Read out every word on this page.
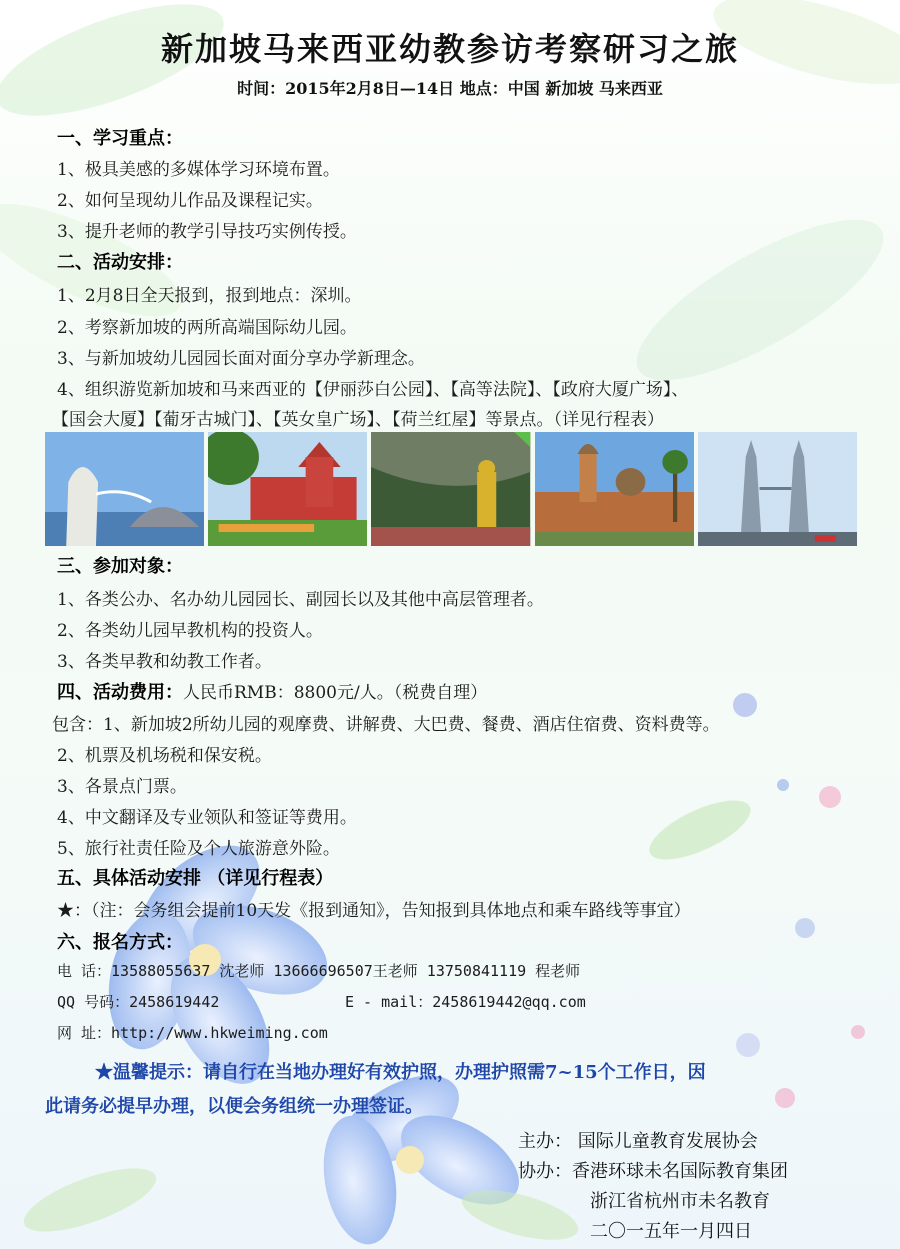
新加坡马来西亚幼教参访考察研习之旅
时间：2015年2月8日—14日 地点：中国 新加坡 马来西亚
一、学习重点：
1、极具美感的多媒体学习环境布置。
2、如何呈现幼儿作品及课程记实。
3、提升老师的教学引导技巧实例传授。
二、活动安排：
1、2月8日全天报到，报到地点：深圳。
2、考察新加坡的两所高端国际幼儿园。
3、与新加坡幼儿园园长面对面分享办学新理念。
4、组织游览新加坡和马来西亚的【伊丽莎白公园】、【高等法院】、【政府大厦广场】、
【国会大厦】【葡牙古城门】、【英女皇广场】、【荷兰红屋】等景点。（详见行程表）
三、参加对象：
1、各类公办、名办幼儿园园长、副园长以及其他中高层管理者。
2、各类幼儿园早教机构的投资人。
3、各类早教和幼教工作者。
四、活动费用：人民币RMB：8800元/人。（税费自理）
包含：1、新加坡2所幼儿园的观摩费、讲解费、大巴费、餐费、酒店住宿费、资料费等。
2、机票及机场税和保安税。
3、各景点门票。
4、中文翻译及专业领队和签证等费用。
5、旅行社责任险及个人旅游意外险。
五、具体活动安排 （详见行程表）
★：（注：会务组会提前10天发《报到通知》，告知报到具体地点和乘车路线等事宜）
六、报名方式：
电 话：13588055637 沈老师 13666696507王老师 13750841119 程老师
QQ 号码：2458619442	E - mail：2458619442@qq.com
网 址：http://www.hkweiming.com
★温馨提示：请自行在当地办理好有效护照，办理护照需7~15个工作日，因
此请务必提早办理，以便会务组统一办理签证。
主办： 国际儿童教育发展协会
协办：香港环球未名国际教育集团
浙江省杭州市未名教育
二〇一五年一月四日
